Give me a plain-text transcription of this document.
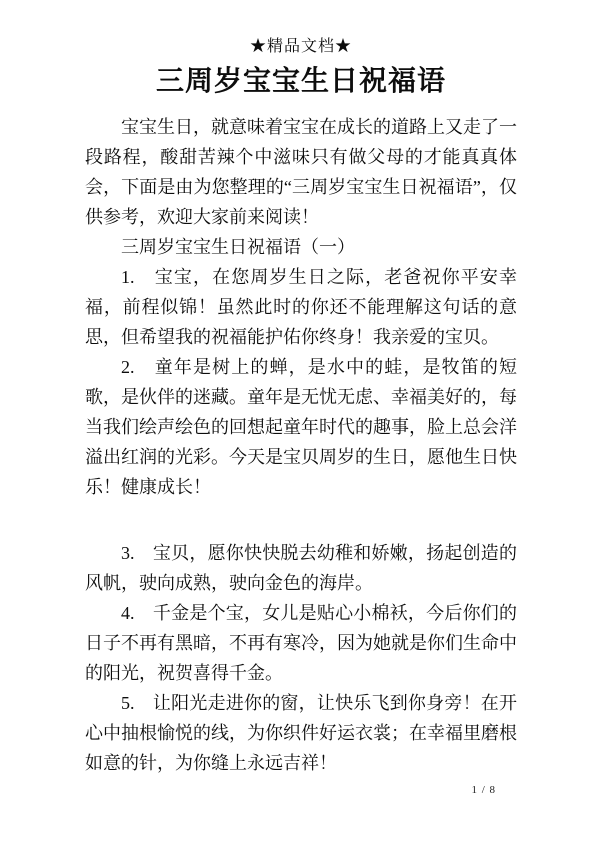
★精品文档★
三周岁宝宝生日祝福语

宝宝生日，就意味着宝宝在成长的道路上又走了一段路程，酸甜苦辣个中滋味只有做父母的才能真真体会，下面是由为您整理的“三周岁宝宝生日祝福语”，仅供参考，欢迎大家前来阅读！

三周岁宝宝生日祝福语（一）

1.　宝宝，在您周岁生日之际，老爸祝你平安幸福，前程似锦！虽然此时的你还不能理解这句话的意思，但希望我的祝福能护佑你终身！我亲爱的宝贝。

2.　童年是树上的蝉，是水中的蛙，是牧笛的短歌，是伙伴的迷藏。童年是无忧无虑、幸福美好的，每当我们绘声绘色的回想起童年时代的趣事，脸上总会洋溢出红润的光彩。今天是宝贝周岁的生日，愿他生日快乐！健康成长！

3.　宝贝，愿你快快脱去幼稚和娇嫩，扬起创造的风帆，驶向成熟，驶向金色的海岸。

4.　千金是个宝，女儿是贴心小棉袄，今后你们的日子不再有黑暗，不再有寒冷，因为她就是你们生命中的阳光，祝贺喜得千金。

5.　让阳光走进你的窗，让快乐飞到你身旁！在开心中抽根愉悦的线，为你织件好运衣裳；在幸福里磨根如意的针，为你缝上永远吉祥！

1 / 8
